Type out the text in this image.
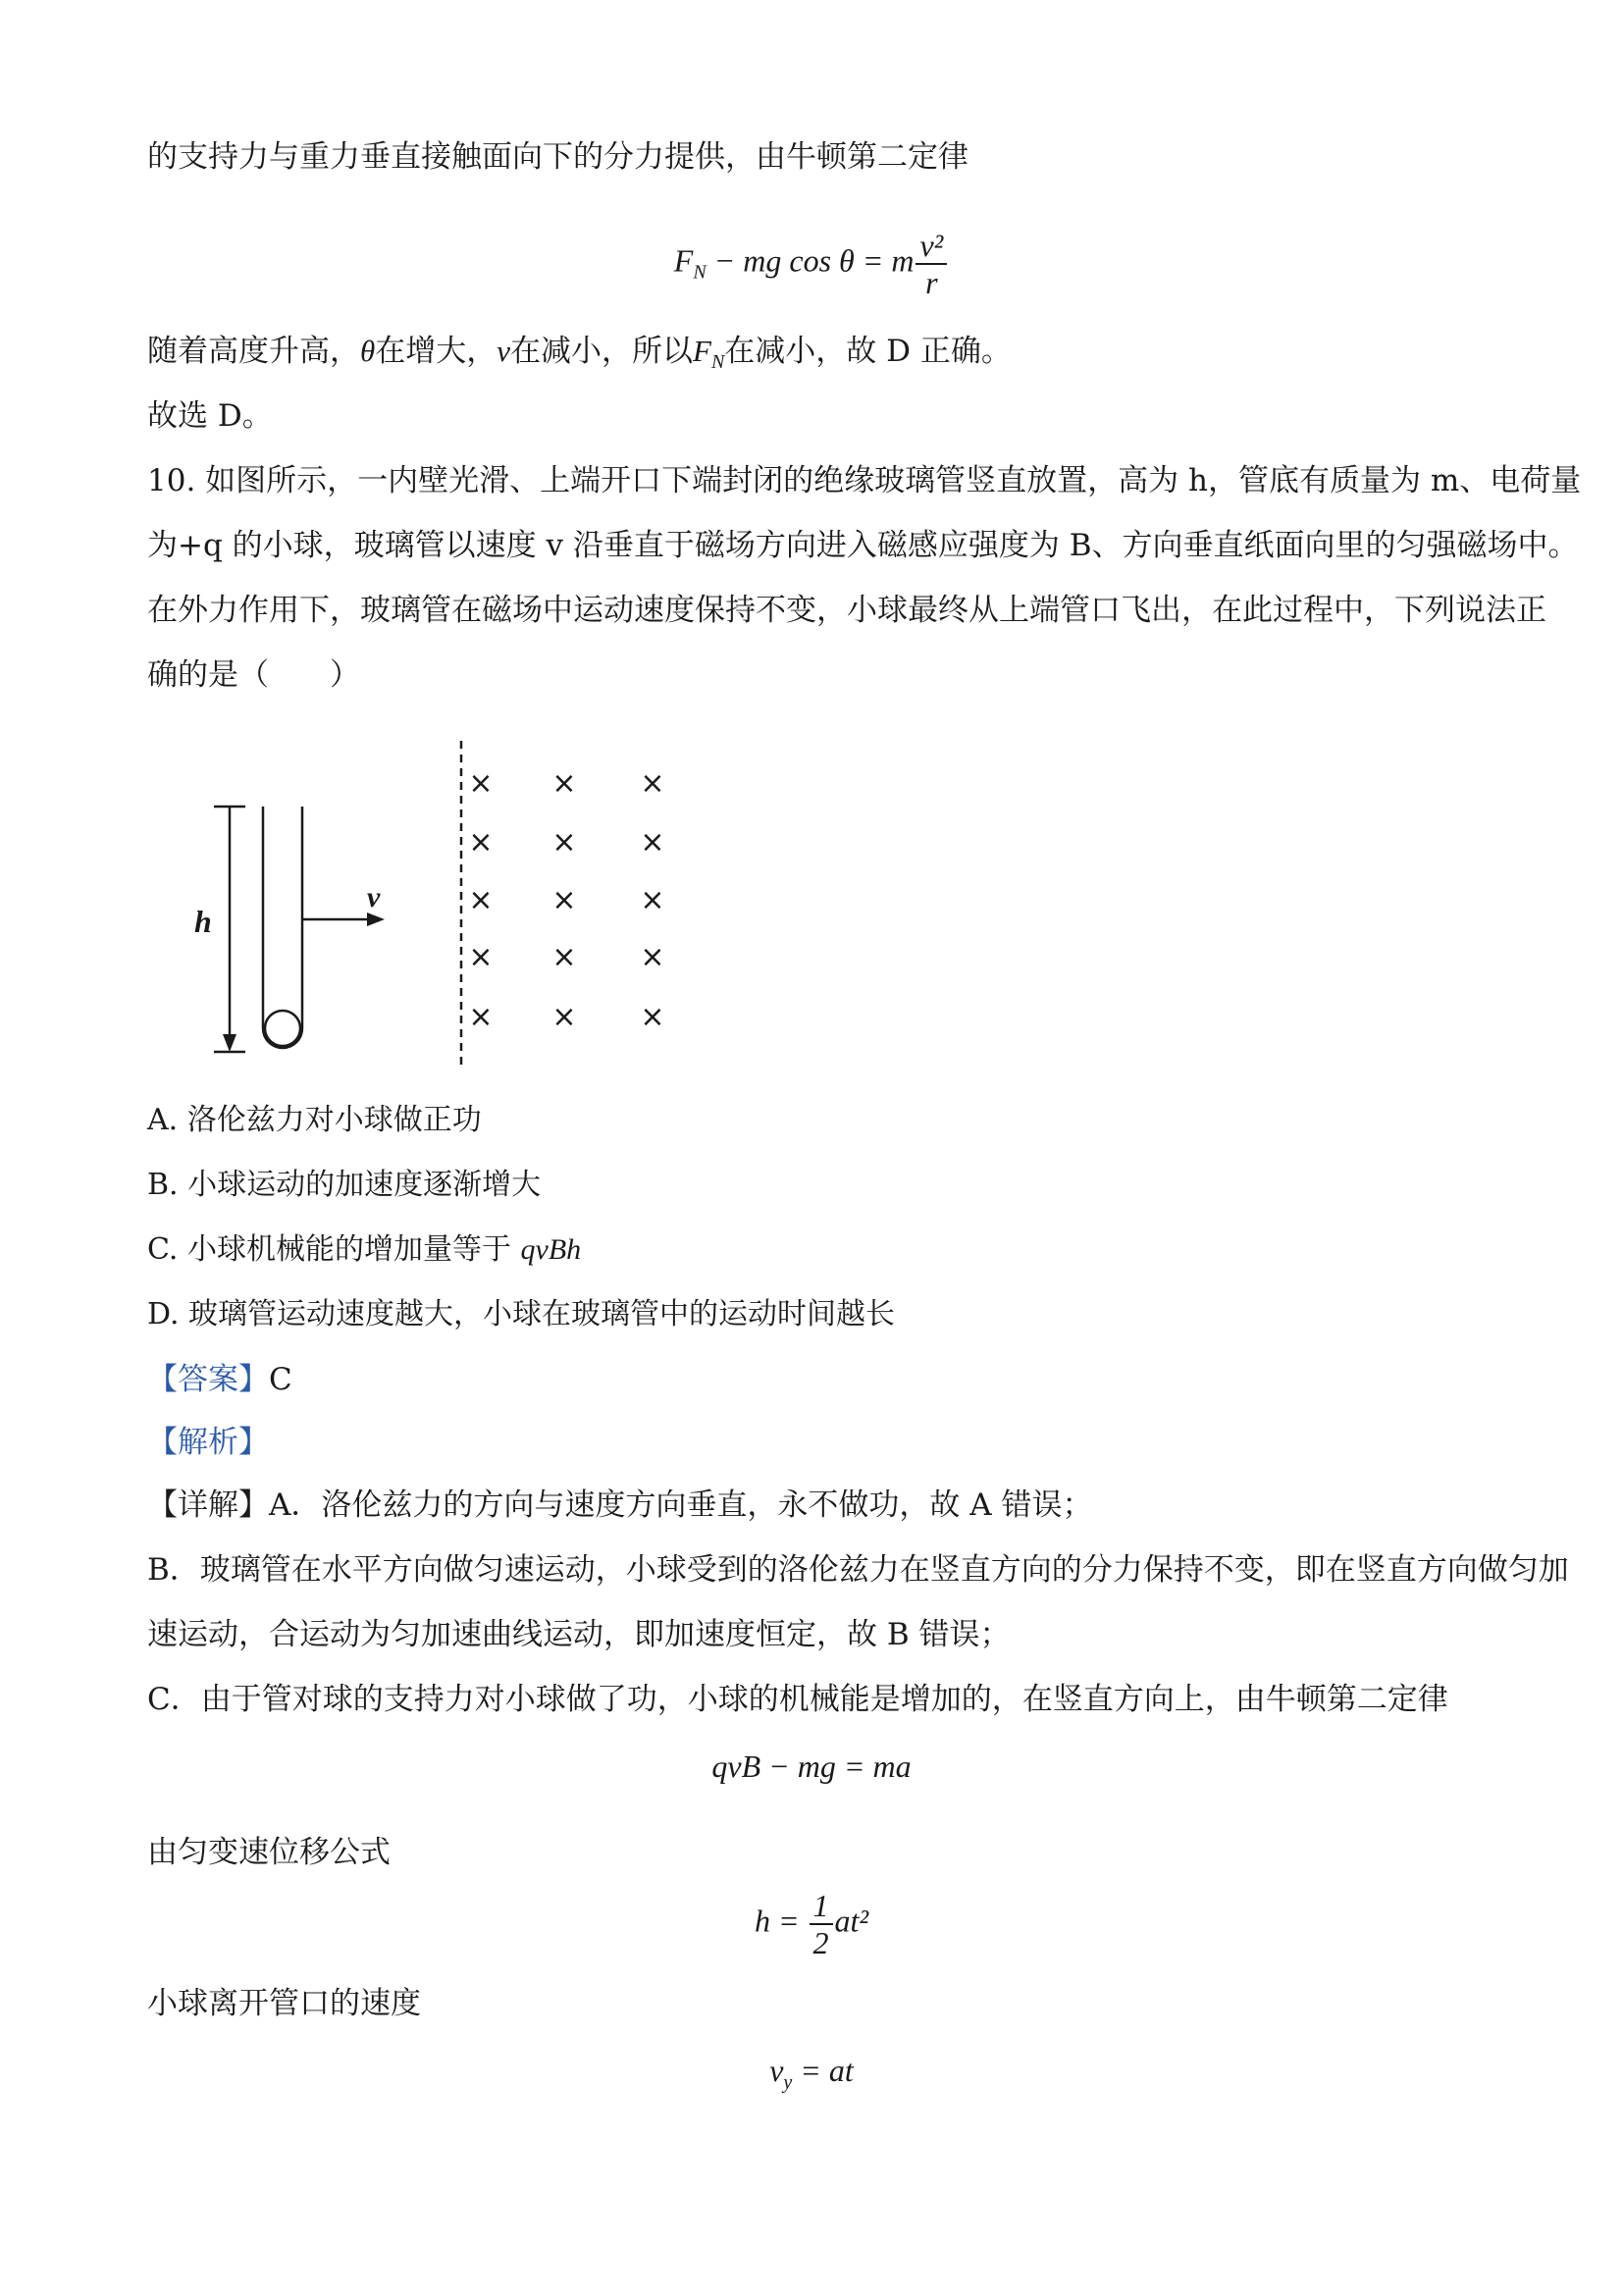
的支持力与重力垂直接触面向下的分力提供，由牛顿第二定律
$F_N$ − mg cos θ = m $\frac{\text{v²}}{r}$
随着高度升高，θ在增大，v在减小，所以$F_N$在减小，故 D 正确。
故选 D。
10. 如图所示，一内壁光滑、上端开口下端封闭的绝缘玻璃管竖直放置，高为 h，管底有质量为 m、电荷量
为+q 的小球，玻璃管以速度 v 沿垂直于磁场方向进入磁感应强度为 B、方向垂直纸面向里的匀强磁场中。
在外力作用下，玻璃管在磁场中运动速度保持不变，小球最终从上端管口飞出，在此过程中，下列说法正
确的是（　　）
h
v
× × ×
× × ×
× × ×
× × ×
× × ×
A. 洛伦兹力对小球做正功
B. 小球运动的加速度逐渐增大
C. 小球机械能的增加量等于 qvBh
D. 玻璃管运动速度越大，小球在玻璃管中的运动时间越长
【答案】C
【解析】
【详解】A．洛伦兹力的方向与速度方向垂直，永不做功，故 A 错误；
B．玻璃管在水平方向做匀速运动，小球受到的洛伦兹力在竖直方向的分力保持不变，即在竖直方向做匀加
速运动，合运动为匀加速曲线运动，即加速度恒定，故 B 错误；
C．由于管对球的支持力对小球做了功，小球的机械能是增加的，在竖直方向上，由牛顿第二定律
qvB − mg = ma
由匀变速位移公式
$h = \frac{1}{2} at^2$
小球离开管口的速度
$v_y$ = at
